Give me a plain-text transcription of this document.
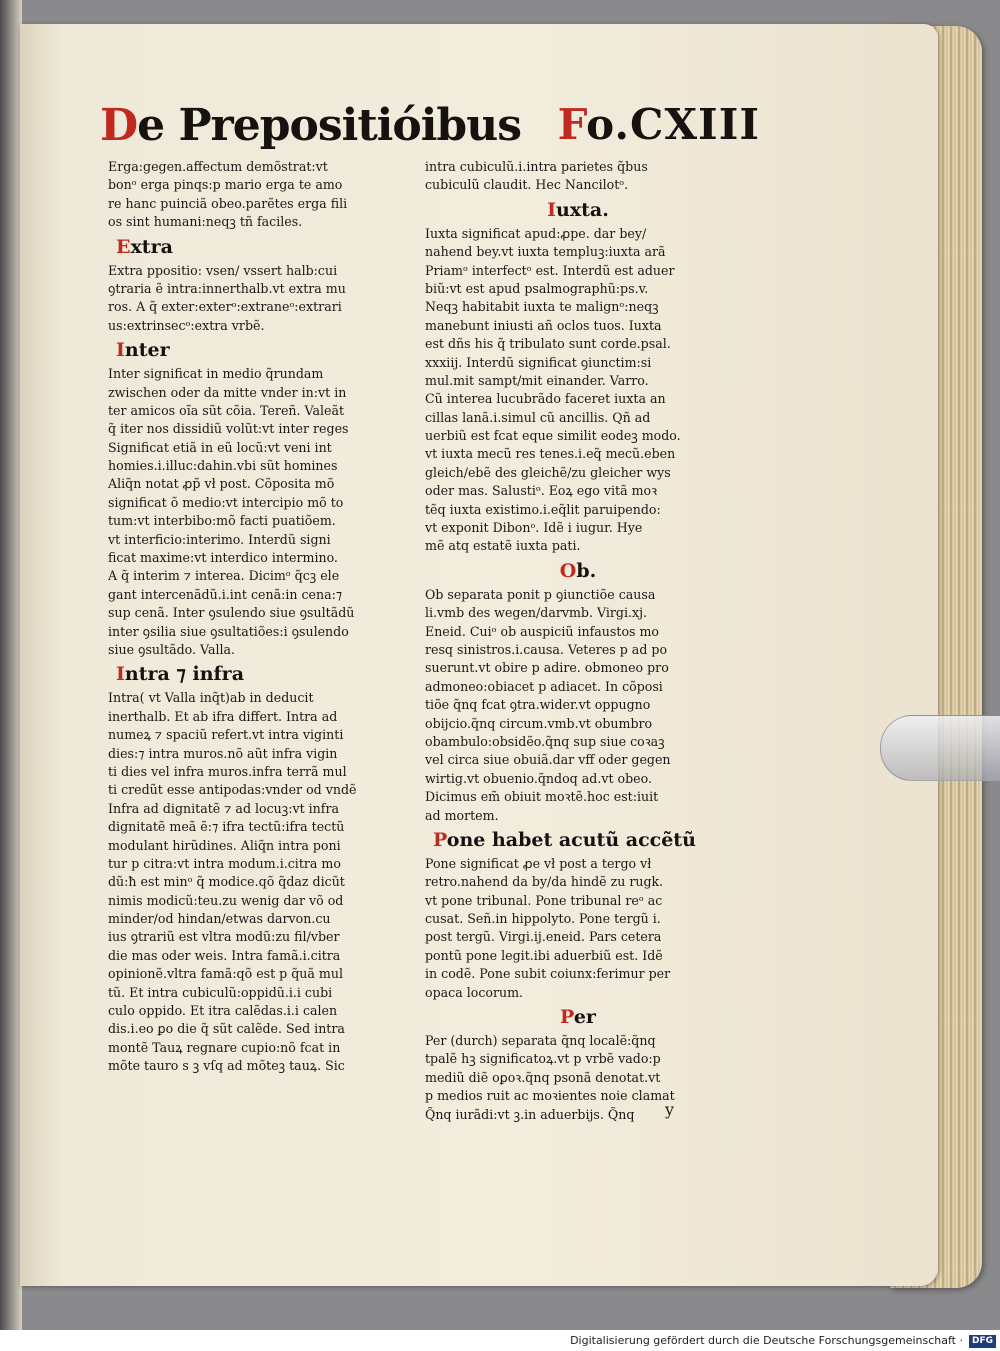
De Prepositióibus Fo.CXIII
Erga:gegen.affectum demõstrat:vt
bonᵒ erga pinqs:p mario erga te amo
re hanc puinciã obeo.parẽtes erga fili
os sint humani:neqꝫ tñ faciles.
Extra
Extra ppositio: vsen/ vssert halb:cui
ꝯtraria ẽ intra:innerthalb.vt extra mu
ros. A q̃ exter:exterᵒ:extraneᵒ:extrari
us:extrinsecᵒ:extra vrbẽ.
Inter
Inter significat in medio q̃rundam
zwischen oder da mitte vnder in:vt in
ter amicos oĩa sũt cõia. Tereñ. Valeãt
q̃ iter nos dissidiũ volũt:vt inter reges
Significat etiã in eũ locũ:vt veni int
homies.i.illuc:dahin.vbi sũt homines
Aliq̃n notat ꝓp̃ vł post. Cõposita mõ
significat õ medio:vt intercipio mõ to
tum:vt interbibo:mõ facti puatiõem.
vt interficio:interimo. Interdũ signi
ficat maxime:vt interdico intermino.
A q̃ interim ⁊ interea. Dicimᵒ q̃cꝫ ele
gant intercenãdũ.i.int cenã:in cena:⁊
sup cenã. Inter ꝯsulendo siue ꝯsultãdũ
inter ꝯsilia siue ꝯsultatiões:i ꝯsulendo
siue ꝯsultãdo. Valla.
Intra ⁊ infra
Intra( vt Valla inq̃t)ab in deducit
inerthalb. Et ab ifra differt. Intra ad
numeꝝ ⁊ spaciũ refert.vt intra viginti
dies:⁊ intra muros.nõ aũt infra vigin
ti dies vel infra muros.infra terrã mul
ti credũt esse antipodas:vnder od vndẽ
Infra ad dignitatẽ ⁊ ad locuꝫ:vt infra
dignitatẽ meã ẽ:⁊ ifra tectũ:ifra tectũ
modulant hirũdines. Aliq̃n intra poni
tur p citra:vt intra modum.i.citra mo
dũ:ħ est minᵒ q̃ modice.qõ q̃daz dicũt
nimis modicũ:teu.zu wenig dar võ od
minder/od hindan/etwas darvon.cu
ius ꝯtrariũ est vltra modũ:zu fil/vber
die mas oder weis. Intra famã.i.citra
opinionẽ.vltra famã:qõ est p q̃uã mul
tũ. Et intra cubiculũ:oppidũ.i.i cubi
culo oppido. Et itra calẽdas.i.i calen
dis.i.eo ꝑo die q̃ sũt calẽde. Sed intra
montẽ Tauꝝ regnare cupio:nõ fcat in
mõte tauro s ꝫ vſq ad mõteꝫ tauꝝ. Sic
intra cubiculũ.i.intra parietes q̃bus
cubiculũ claudit. Hec Nancilotᵒ.
Iuxta.
Iuxta significat apud:ꝓpe. dar bey/
nahend bey.vt iuxta templuꝫ:iuxta arã
Priamᵒ interfectᵒ est. Interdũ est aduer
biũ:vt est apud psalmographũ:ps.v.
Neqꝫ habitabit iuxta te malignᵒ:neqꝫ
manebunt iniusti añ oclos tuos. Iuxta
est dñs his q̃ tribulato sunt corde.psal.
xxxiij. Interdũ significat ꝯiunctim:si
mul.mit sampt/mit einander. Varro.
Cũ interea lucubrãdo faceret iuxta an
cillas lanã.i.simul cũ ancillis. Qñ ad
uerbiũ est fcat eque similit eodeꝫ modo.
vt iuxta mecũ res tenes.i.eq̃ mecũ.eben
gleich/ebẽ des gleichẽ/zu gleicher wys
oder mas. Salustiᵒ. Eoꝝ ego vitã moꝛ
tẽq iuxta existimo.i.eq̃lit paruipendo:
vt exponit Dibonᵒ. Idẽ i iugur. Hye
mẽ atq estatẽ iuxta pati.
Ob.
Ob separata ponit p ꝯiunctiõe causa
li.vmb des wegen/darvmb. Virgi.xj.
Eneid. Cuiᵒ ob auspiciũ infaustos mo
resq sinistros.i.causa. Veteres p ad po
suerunt.vt obire p adire. obmoneo pro
admoneo:obiacet p adiacet. In cõposi
tiõe q̃nq fcat ꝯtra.wider.vt oppugno
obijcio.q̃nq circum.vmb.vt obumbro
obambulo:obsidẽo.q̃nq sup siue coꝛaꝫ
vel circa siue obuiã.dar vff oder gegen
wirtig.vt obuenio.q̃ndoq ad.vt obeo.
Dicimus em̃ obiuit moꝛtẽ.hoc est:iuit
ad mortem.
Pone habet acutũ accẽtũ
Pone significat ꝓe vł post a tergo vł
retro.nahend da by/da hindẽ zu rugk.
vt pone tribunal. Pone tribunal reᵒ ac
cusat. Señ.in hippolyto. Pone tergũ i.
post tergũ. Virgi.ij.eneid. Pars cetera
pontũ pone legit.ibi aduerbiũ est. Idẽ
in codẽ. Pone subit coiunx:ferimur per
opaca locorum.
Per
Per (durch) separata q̃nq localẽ:q̃nq
tpalẽ hꝫ significatoꝝ.vt p vrbẽ vado:p
mediũ diẽ oꝑoꝛ.q̃nq psonã denotat.vt
p medios ruit ac moꝛientes noie clamat
Q̃nq iurãdi:vt ꝫ.in aduerbijs. Q̃nq	y
Digitalisierung gefördert durch die Deutsche Forschungsgemeinschaft · DFG
